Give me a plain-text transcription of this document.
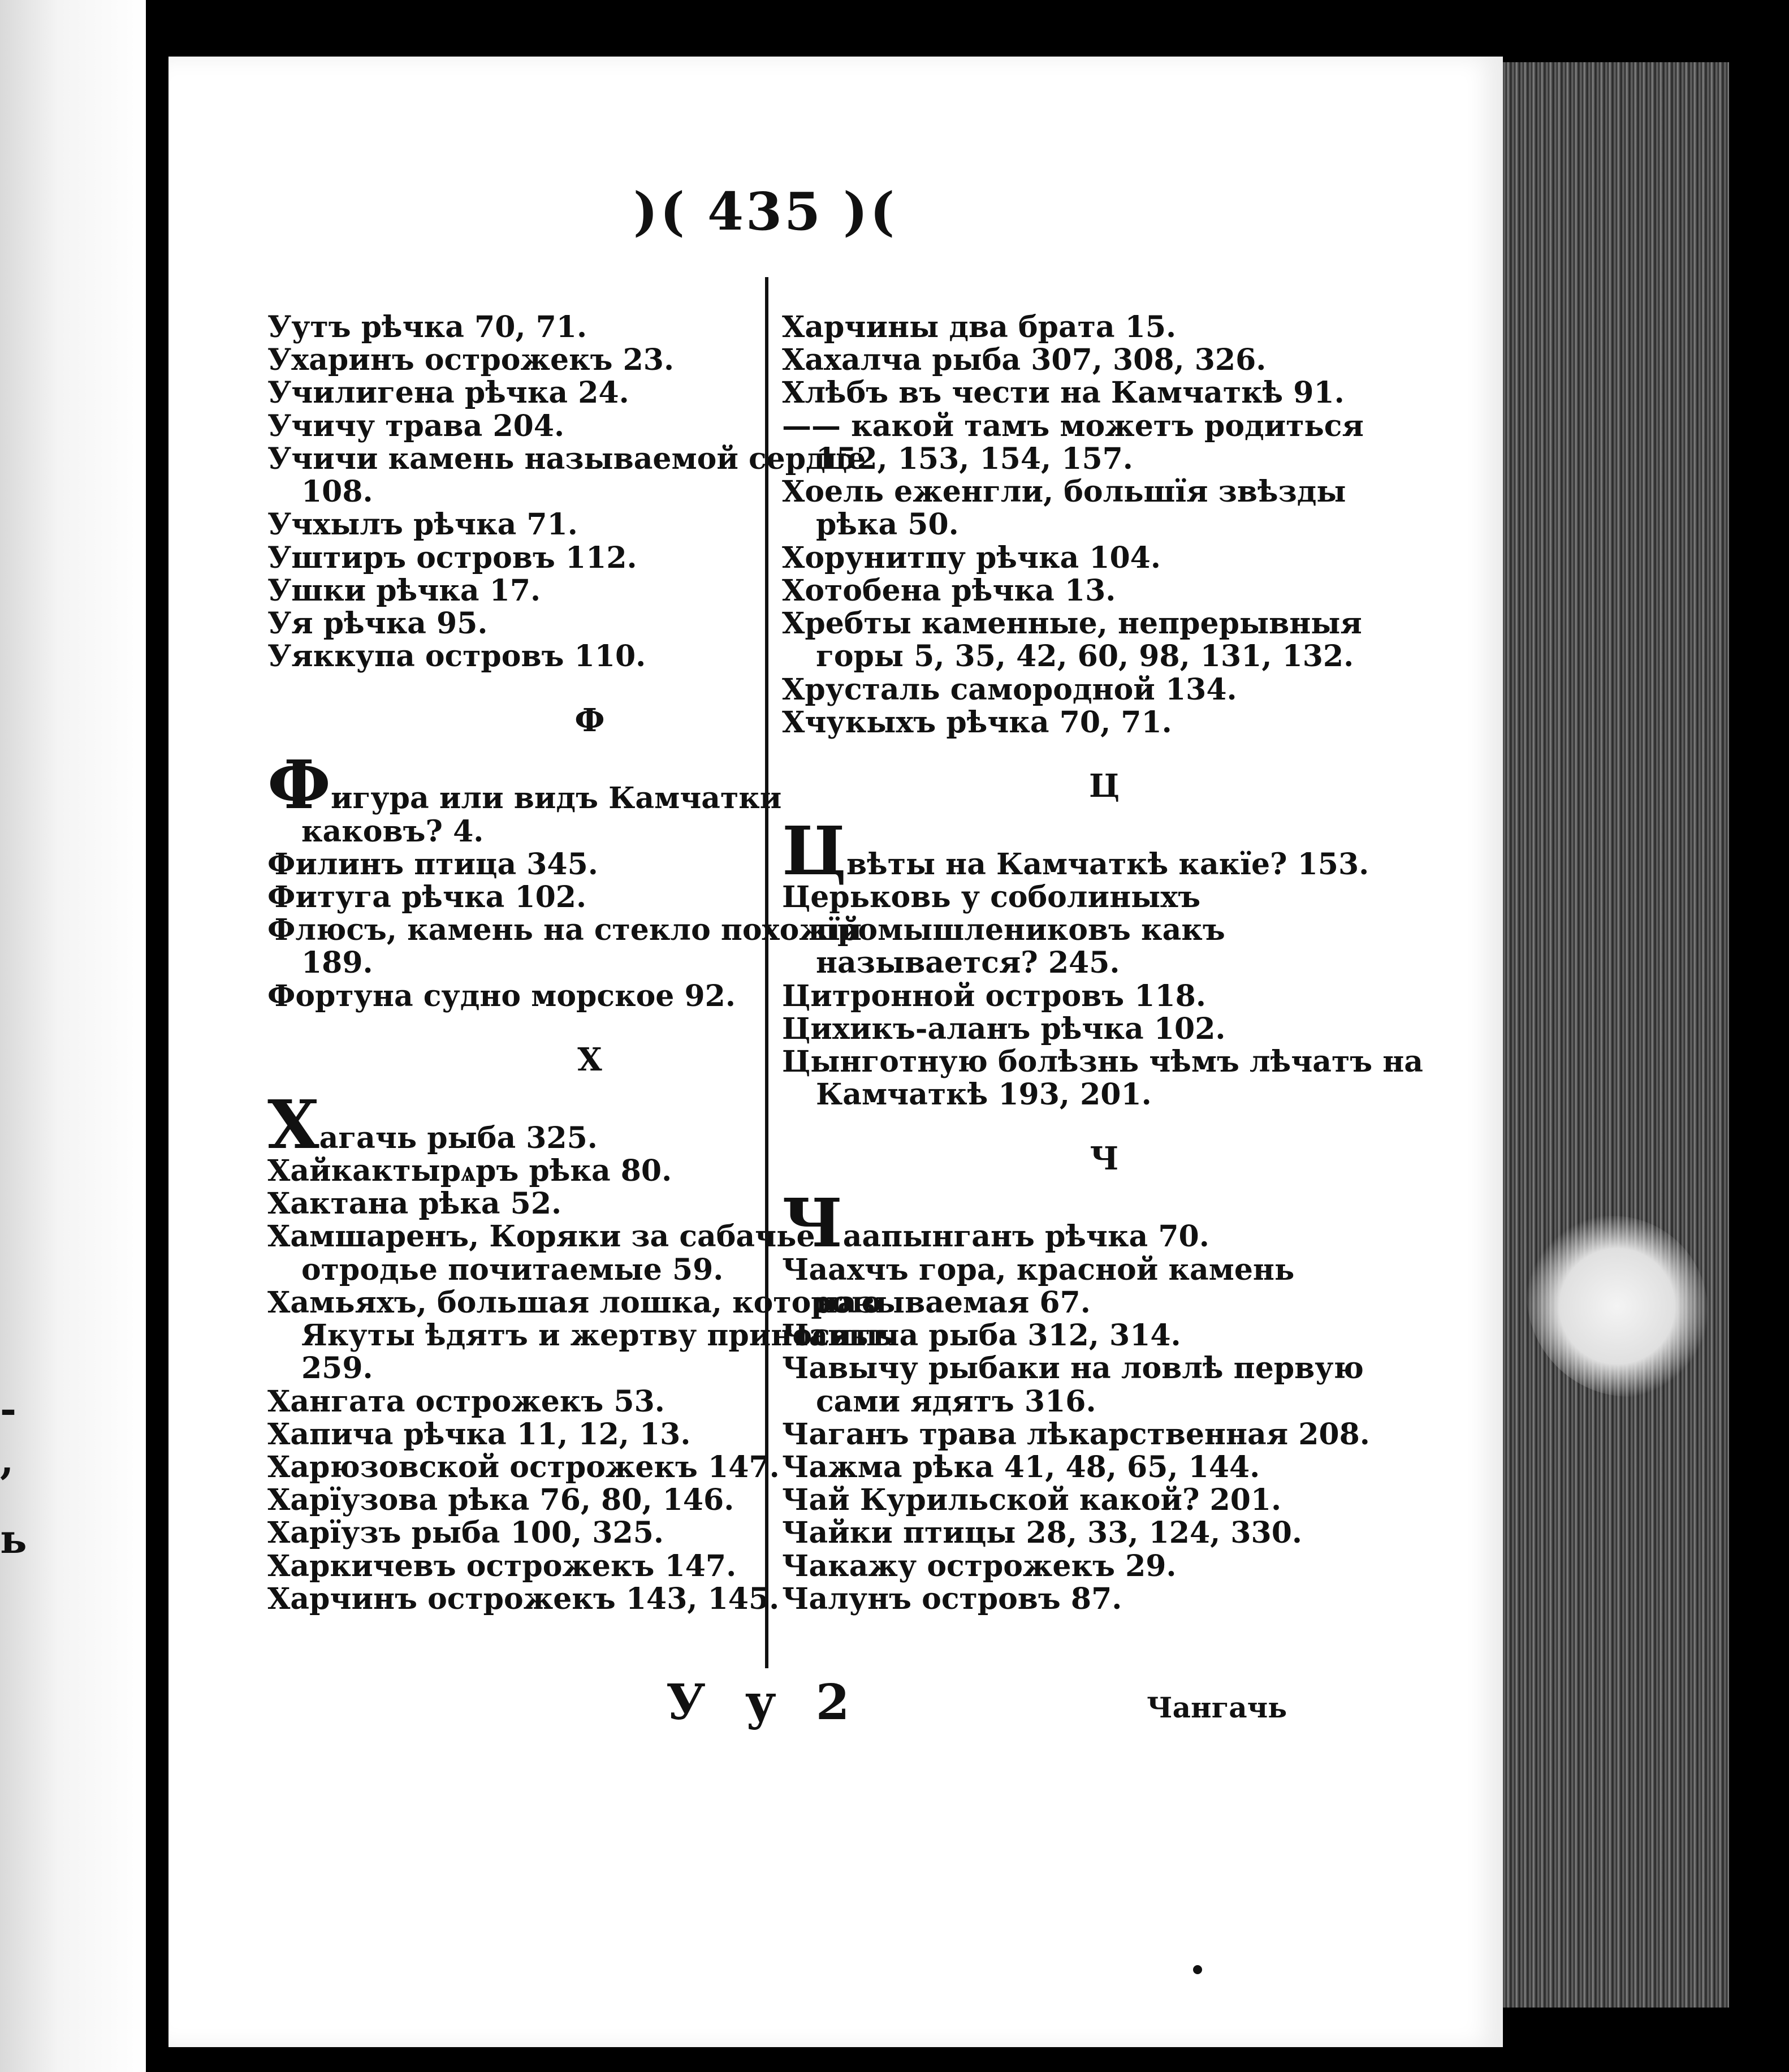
-
,
ь
)( 435 )(

Уутъ рѣчка 70, 71.

Ухаринъ острожекъ 23.

Училигена рѣчка 24.

Учичу трава 204.

Учичи камень называемой сердце 108.

Учхылъ рѣчка 71.

Уштиръ островъ 112.

Ушки рѣчка 17.

Уя рѣчка 95.

Уяккупа островъ 110.

Ф

Фигура или видъ Камчатки каковъ? 4.

Филинъ птица 345.

Фитуга рѣчка 102.

Флюсъ, камень на стекло похожїй 189.

Фортуна судно морское 92.

Х

Хагачь рыба 325.

Хайкактырѧръ рѣка 80.

Хактана рѣка 52.

Хамшаренъ, Коряки за сабачье отродье почитаемые 59.

Хамьяхъ, большая лошка, которою Якуты ѣдятъ и жертву приносятъ 259.

Хангата острожекъ 53.

Хапича рѣчка 11, 12, 13.

Харюзовской острожекъ 147.

Харїузова рѣка 76, 80, 146.

Харїузъ рыба 100, 325.

Харкичевъ острожекъ 147.

Харчинъ острожекъ 143, 145.

Харчины два брата 15.

Хахалча рыба 307, 308, 326.

Хлѣбъ въ чести на Камчаткѣ 91.

—— какой тамъ можетъ родиться 152, 153, 154, 157.

Хоель еженгли, большїя звѣзды рѣка 50.

Хорунитпу рѣчка 104.

Хотобена рѣчка 13.

Хребты каменные, непрерывныя горы 5, 35, 42, 60, 98, 131, 132.

Хрусталь самородной 134.

Хчукыхъ рѣчка 70, 71.

Ц

Цвѣты на Камчаткѣ какїе? 153.

Церьковь у соболиныхъ промышлениковъ какъ называется? 245.

Цитронной островъ 118.

Цихикъ-аланъ рѣчка 102.

Цынготную болѣзнь чѣмъ лѣчатъ на Камчаткѣ 193, 201.

Ч

Чаапынганъ рѣчка 70.

Чаахчъ гора, красной камень называемая 67.

Чавыча рыба 312, 314.

Чавычу рыбаки на ловлѣ первую сами ядятъ 316.

Чаганъ трава лѣкарственная 208.

Чажма рѣка 41, 48, 65, 144.

Чай Курильской какой? 201.

Чайки птицы 28, 33, 124, 330.

Чакажу острожекъ 29.

Чалунъ островъ 87.

У у 2	Чангачь
